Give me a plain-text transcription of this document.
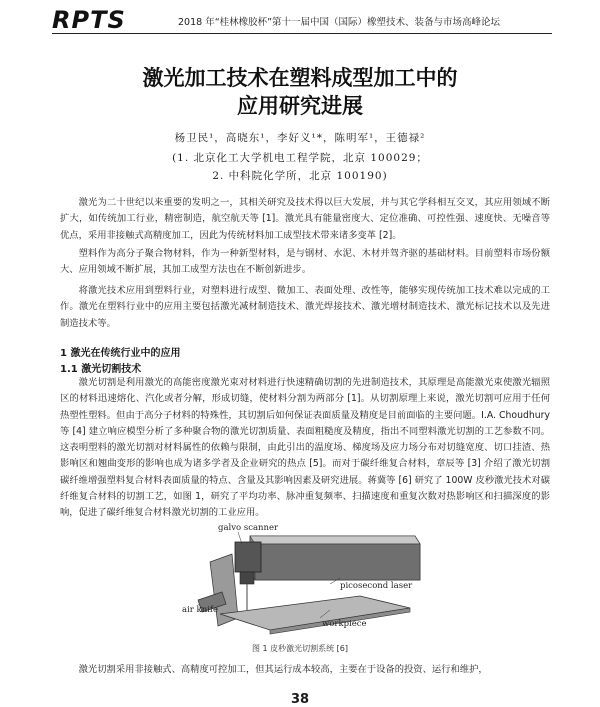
RPTS	2018 年“桂林橡胶杯”第十一届中国（国际）橡塑技术、装备与市场高峰论坛
激光加工技术在塑料成型加工中的
应用研究进展
杨卫民¹，高晓东¹，李好义¹*，陈明军¹，王德禄²
(1. 北京化工大学机电工程学院，北京 100029；
2. 中科院化学所，北京 100190)

激光为二十世纪以来重要的发明之一，其相关研究及技术得以巨大发展，并与其它学科相互交叉，其应用领域不断扩大，如传统加工行业，精密制造，航空航天等 [1]。激光具有能量密度大、定位准确、可控性强、速度快、无噪音等优点，采用非接触式高精度加工，因此为传统材料加工成型技术带来诸多变革 [2]。

塑料作为高分子聚合物材料，作为一种新型材料，是与钢材、水泥、木材并驾齐驱的基础材料。目前塑料市场份额大、应用领域不断扩展，其加工成型方法也在不断创新进步。

将激光技术应用到塑料行业，对塑料进行成型、微加工、表面处理、改性等，能够实现传统加工技术难以完成的工作。激光在塑料行业中的应用主要包括激光减材制造技术、激光焊接技术、激光增材制造技术、激光标记技术以及先进制造技术等。

1 激光在传统行业中的应用
1.1 激光切割技术

激光切割是利用激光的高能密度激光束对材料进行快速精确切割的先进制造技术，其原理是高能激光束使激光辐照区的材料迅速熔化、汽化或者分解，形成切缝，使材料分割为两部分 [1]。从切割原理上来说，激光切割可应用于任何热塑性塑料。但由于高分子材料的特殊性，其切割后如何保证表面质量及精度是目前面临的主要问题。I.A. Choudhury 等 [4] 建立响应模型分析了多种聚合物的激光切割质量、表面粗糙度及精度，指出不同塑料激光切割的工艺参数不同。这表明塑料的激光切割对材料属性的依赖与限制，由此引出的温度场、梯度场及应力场分布对切缝宽度、切口挂渣、热影响区和翘曲变形的影响也成为诸多学者及企业研究的热点 [5]。而对于碳纤维复合材料，章辰等 [3] 介绍了激光切割碳纤维增强塑料复合材料表面质量的特点、含量及其影响因素及研究进展。蒋冀等 [6] 研究了 100W 皮秒激光技术对碳纤维复合材料的切割工艺，如图 1，研究了平均功率、脉冲重复频率、扫描速度和重复次数对热影响区和扫描深度的影响，促进了碳纤维复合材料激光切割的工业应用。

galvo scanner
picosecond laser
air knife
workpiece
图 1 皮秒激光切割系统 [6]

激光切割采用非接触式、高精度可控加工，但其运行成本较高，主要在于设备的投资、运行和维护，

38
